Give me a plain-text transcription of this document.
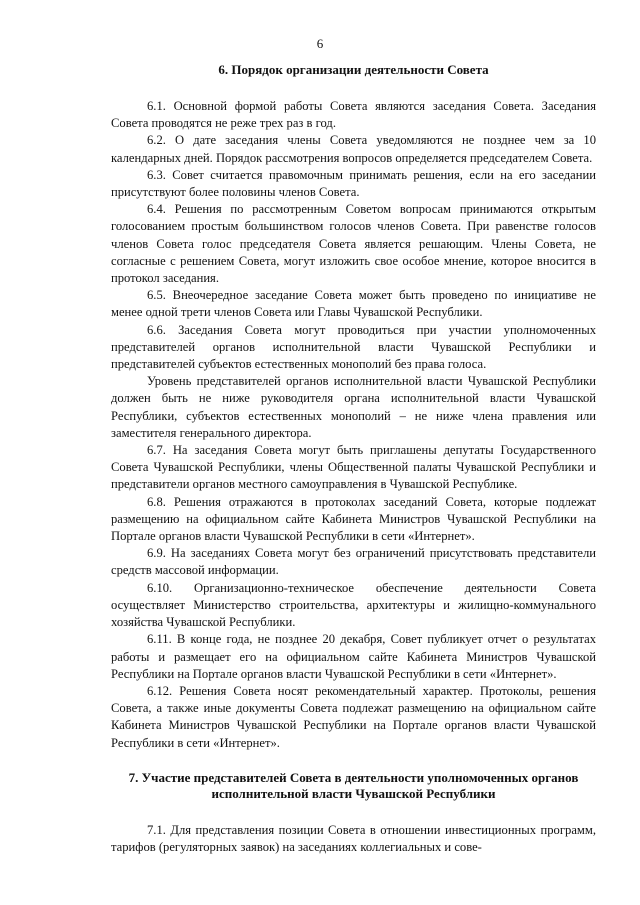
6
6. Порядок организации деятельности Совета

6.1. Основной формой работы Совета являются заседания Совета. Заседания Совета проводятся не реже трех раз в год.

6.2. О дате заседания члены Совета уведомляются не позднее чем за 10 календарных дней. Порядок рассмотрения вопросов определяется председателем Совета.

6.3. Совет считается правомочным принимать решения, если на его заседании присутствуют более половины членов Совета.

6.4. Решения по рассмотренным Советом вопросам принимаются открытым голосованием простым большинством голосов членов Совета. При равенстве голосов членов Совета голос председателя Совета является решающим. Члены Совета, не согласные с решением Совета, могут изложить свое особое мнение, которое вносится в протокол заседания.

6.5. Внеочередное заседание Совета может быть проведено по инициативе не менее одной трети членов Совета или Главы Чувашской Республики.

6.6. Заседания Совета могут проводиться при участии уполномоченных представителей органов исполнительной власти Чувашской Республики и представителей субъектов естественных монополий без права голоса.

Уровень представителей органов исполнительной власти Чувашской Республики должен быть не ниже руководителя органа исполнительной власти Чувашской Республики, субъектов естественных монополий – не ниже члена правления или заместителя генерального директора.

6.7. На заседания Совета могут быть приглашены депутаты Государственного Совета Чувашской Республики, члены Общественной палаты Чувашской Республики и представители органов местного самоуправления в Чувашской Республике.

6.8. Решения отражаются в протоколах заседаний Совета, которые подлежат размещению на официальном сайте Кабинета Министров Чувашской Республики на Портале органов власти Чувашской Республики в сети «Интернет».

6.9. На заседаниях Совета могут без ограничений присутствовать представители средств массовой информации.

6.10. Организационно-техническое обеспечение деятельности Совета осуществляет Министерство строительства, архитектуры и жилищно-коммунального хозяйства Чувашской Республики.

6.11. В конце года, не позднее 20 декабря, Совет публикует отчет о результатах работы и размещает его на официальном сайте Кабинета Министров Чувашской Республики на Портале органов власти Чувашской Республики в сети «Интернет».

6.12. Решения Совета носят рекомендательный характер. Протоколы, решения Совета, а также иные документы Совета подлежат размещению на официальном сайте Кабинета Министров Чувашской Республики на Портале органов власти Чувашской Республики в сети «Интернет».

7. Участие представителей Совета в деятельности уполномоченных органов исполнительной власти Чувашской Республики

7.1. Для представления позиции Совета в отношении инвестиционных программ, тарифов (регуляторных заявок) на заседаниях коллегиальных и сове-
